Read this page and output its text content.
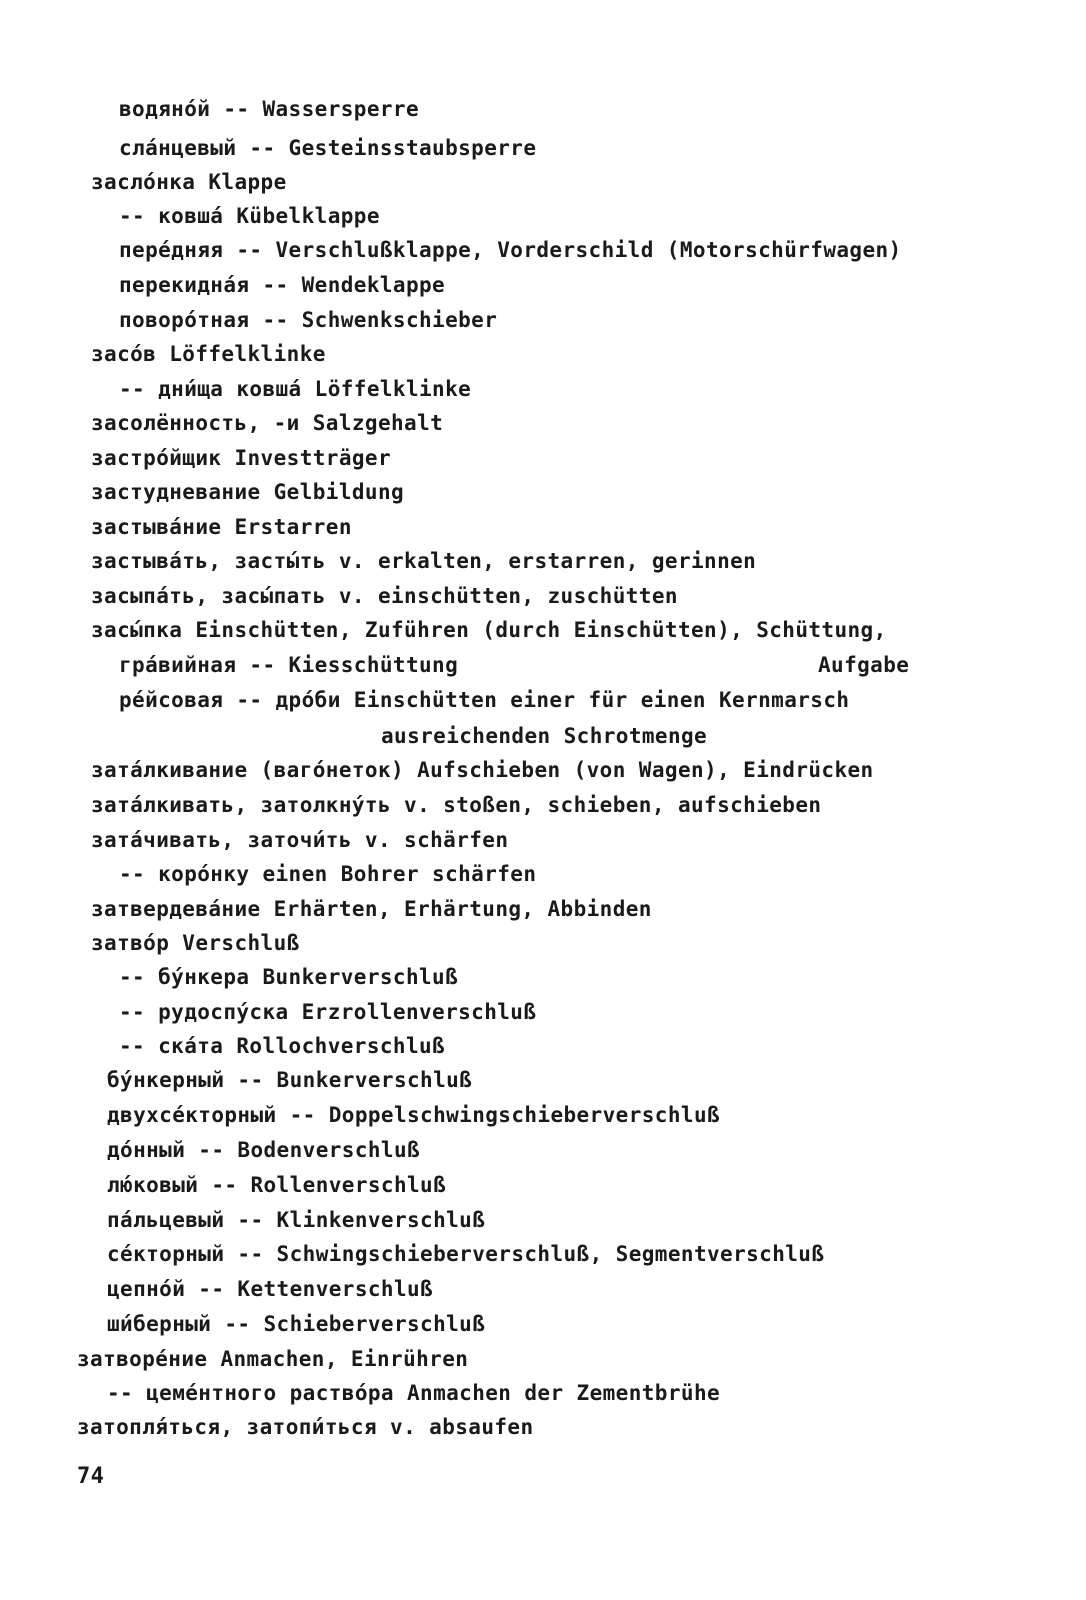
водяно́й -- Wassersperre
сла́нцевый -- Gesteinsstaubsperre
засло́нка Klappe
-- ковша́ Kübelklappe
пере́дняя -- Verschlußklappe, Vorderschild (Motorschürfwagen)
перекидна́я -- Wendeklappe
поворо́тная -- Schwenkschieber
засо́в Löffelklinke
-- дни́ща ковша́ Löffelklinke
засолённость, -и Salzgehalt
застро́йщик Investträger
застудневание Gelbildung
застыва́ние Erstarren
застыва́ть, засты́ть v. erkalten, erstarren, gerinnen
засыпа́ть, засы́пать v. einschütten, zuschütten
засы́пка Einschütten, Zuführen (durch Einschütten), Schüttung,
гра́вийная -- Kiesschüttung	Aufgabe
ре́йсовая -- дро́би Einschütten einer für einen Kernmarsch
ausreichenden Schrotmenge
зата́лкивание (ваго́неток) Aufschieben (von Wagen), Eindrücken
зата́лкивать, затолкну́ть v. stoßen, schieben, aufschieben
зата́чивать, заточи́ть v. schärfen
-- коро́нку einen Bohrer schärfen
затвердева́ние Erhärten, Erhärtung, Abbinden
затво́р Verschluß
-- бу́нкера Bunkerverschluß
-- рудоспу́ска Erzrollenverschluß
-- ска́та Rollochverschluß
бу́нкерный -- Bunkerverschluß
двухсе́кторный -- Doppelschwingschieberverschluß
до́нный -- Bodenverschluß
лю́ковый -- Rollenverschluß
па́льцевый -- Klinkenverschluß
се́кторный -- Schwingschieberverschluß, Segmentverschluß
цепно́й -- Kettenverschluß
ши́берный -- Schieberverschluß
затворе́ние Anmachen, Einrühren
-- цеме́нтного раство́ра Anmachen der Zementbrühe
затопля́ться, затопи́ться v. absaufen
74
